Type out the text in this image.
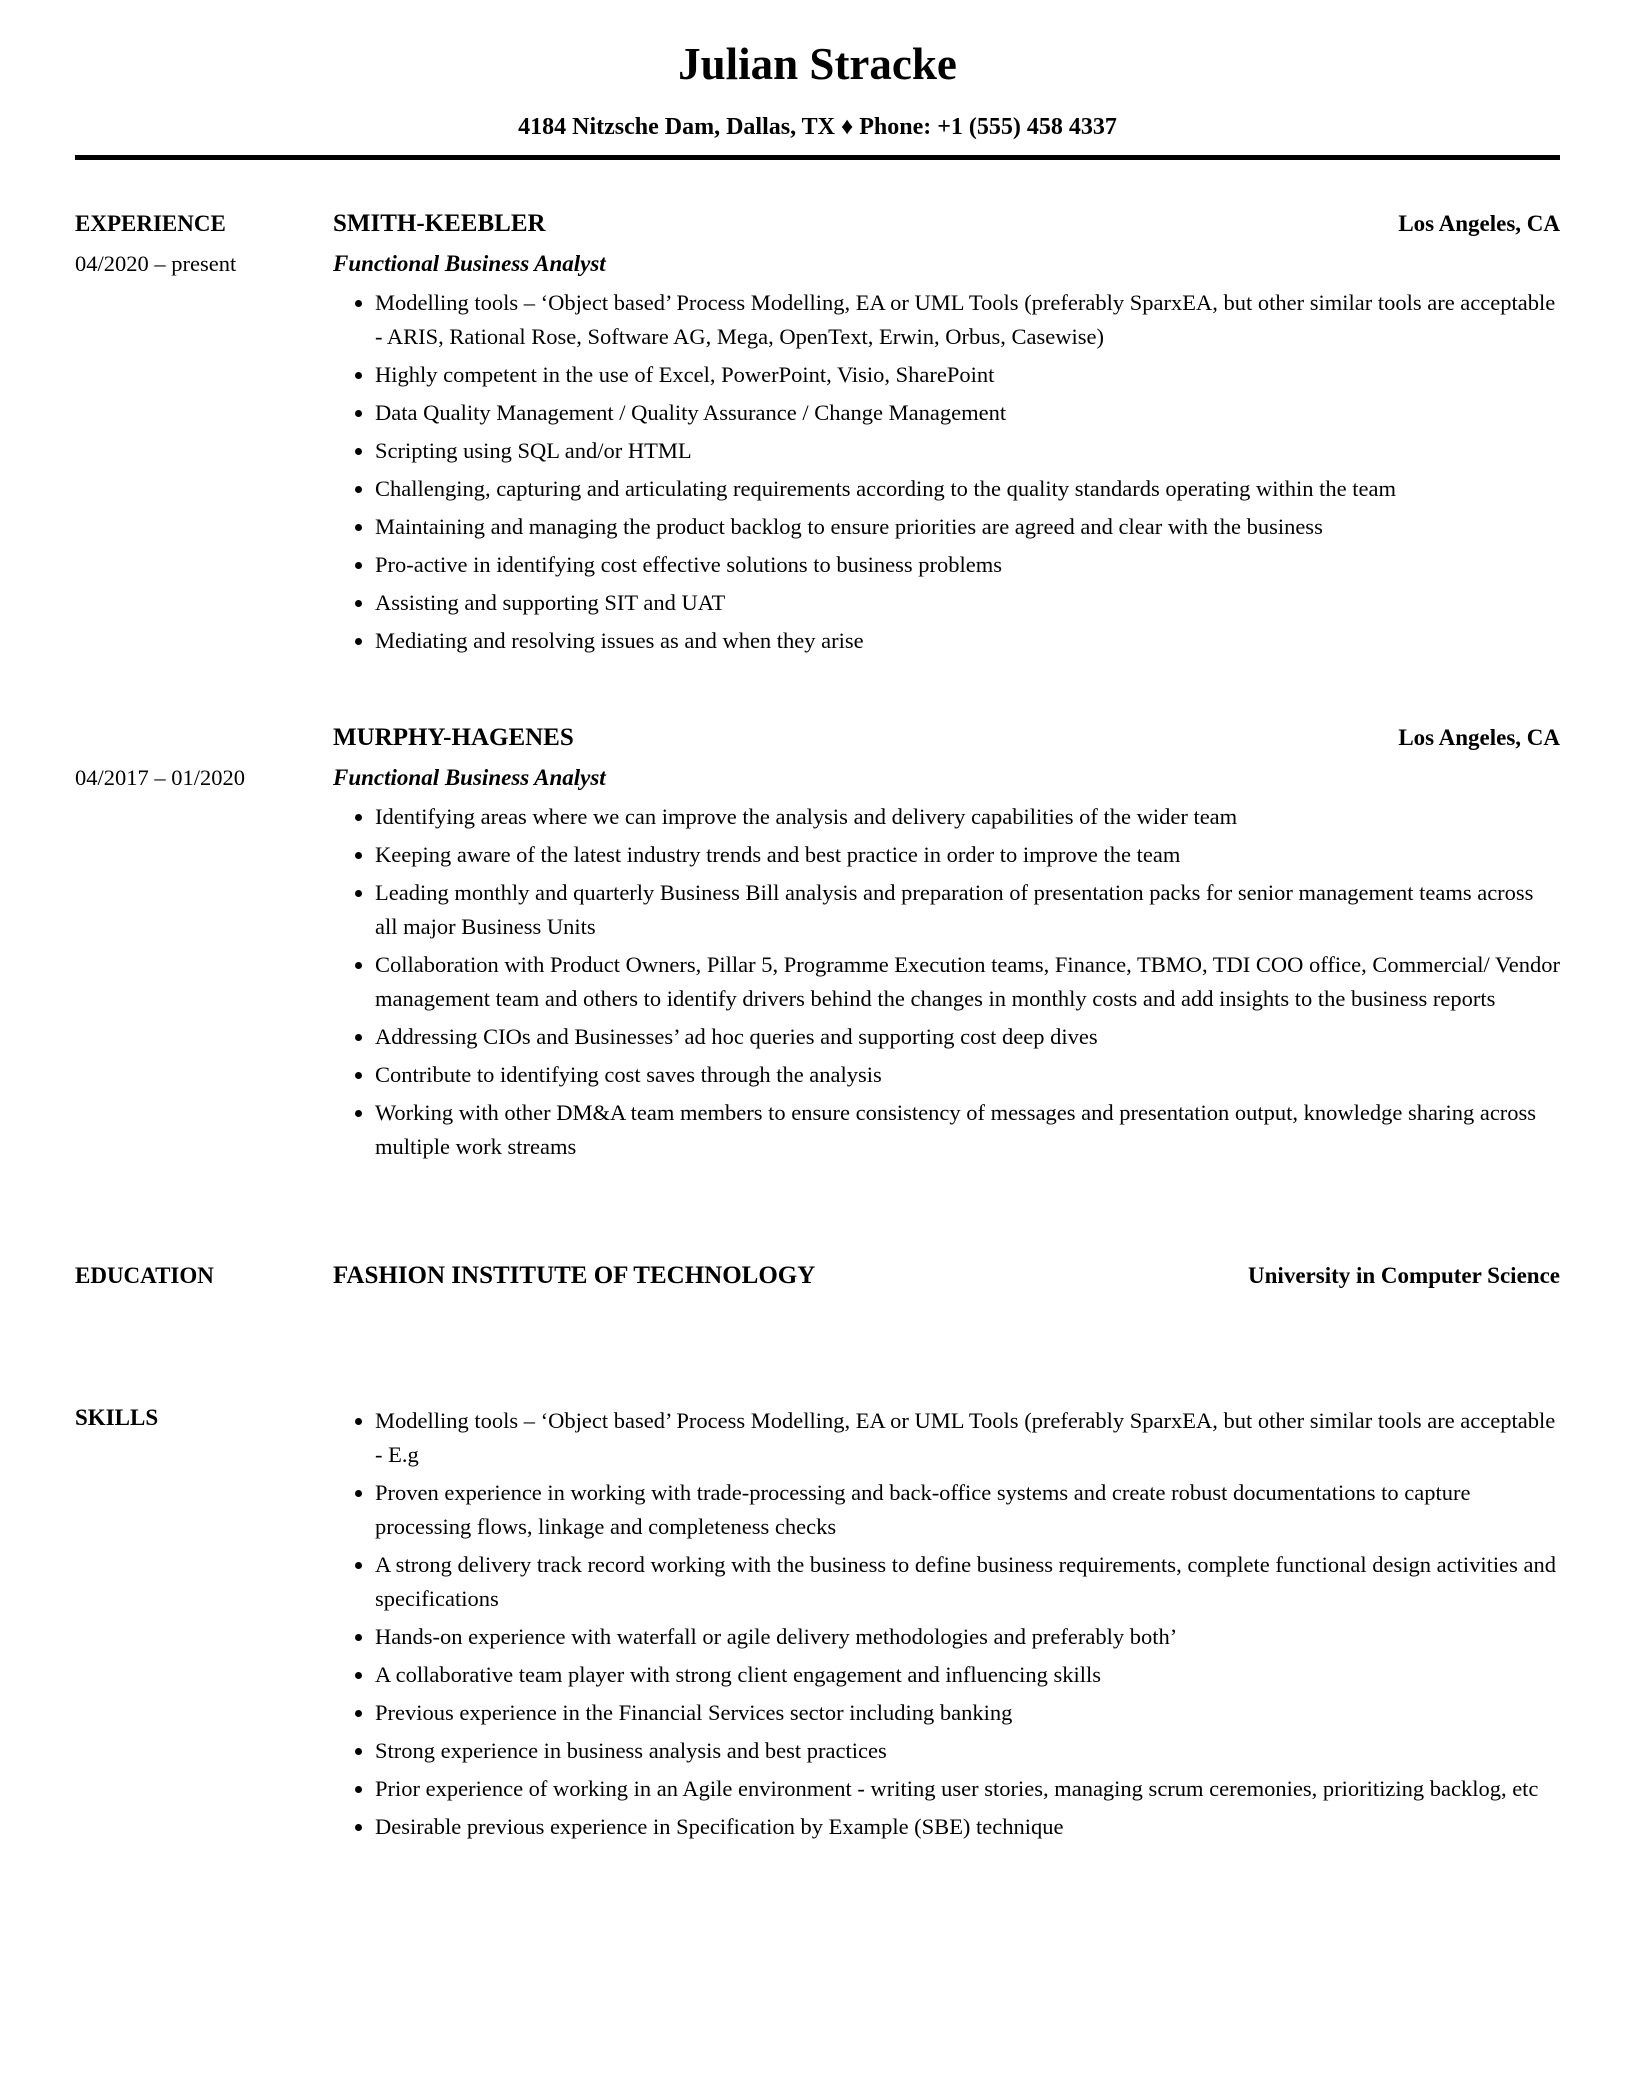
Julian Stracke
4184 Nitzsche Dam, Dallas, TX ♦ Phone: +1 (555) 458 4337
EXPERIENCE
04/2020 – present
SMITH-KEEBLER	Los Angeles, CA
Functional Business Analyst
• Modelling tools – ‘Object based’ Process Modelling, EA or UML Tools (preferably SparxEA, but other similar tools are acceptable - ARIS, Rational Rose, Software AG, Mega, OpenText, Erwin, Orbus, Casewise)
• Highly competent in the use of Excel, PowerPoint, Visio, SharePoint
• Data Quality Management / Quality Assurance / Change Management
• Scripting using SQL and/or HTML
• Challenging, capturing and articulating requirements according to the quality standards operating within the team
• Maintaining and managing the product backlog to ensure priorities are agreed and clear with the business
• Pro-active in identifying cost effective solutions to business problems
• Assisting and supporting SIT and UAT
• Mediating and resolving issues as and when they arise
04/2017 – 01/2020
MURPHY-HAGENES	Los Angeles, CA
Functional Business Analyst
• Identifying areas where we can improve the analysis and delivery capabilities of the wider team
• Keeping aware of the latest industry trends and best practice in order to improve the team
• Leading monthly and quarterly Business Bill analysis and preparation of presentation packs for senior management teams across all major Business Units
• Collaboration with Product Owners, Pillar 5, Programme Execution teams, Finance, TBMO, TDI COO office, Commercial/ Vendor management team and others to identify drivers behind the changes in monthly costs and add insights to the business reports
• Addressing CIOs and Businesses’ ad hoc queries and supporting cost deep dives
• Contribute to identifying cost saves through the analysis
• Working with other DM&A team members to ensure consistency of messages and presentation output, knowledge sharing across multiple work streams
EDUCATION	FASHION INSTITUTE OF TECHNOLOGY	University in Computer Science
SKILLS	• Modelling tools – ‘Object based’ Process Modelling, EA or UML Tools (preferably SparxEA, but other similar tools are acceptable - E.g
• Proven experience in working with trade-processing and back-office systems and create robust documentations to capture processing flows, linkage and completeness checks
• A strong delivery track record working with the business to define business requirements, complete functional design activities and specifications
• Hands-on experience with waterfall or agile delivery methodologies and preferably both’
• A collaborative team player with strong client engagement and influencing skills
• Previous experience in the Financial Services sector including banking
• Strong experience in business analysis and best practices
• Prior experience of working in an Agile environment - writing user stories, managing scrum ceremonies, prioritizing backlog, etc
• Desirable previous experience in Specification by Example (SBE) technique
